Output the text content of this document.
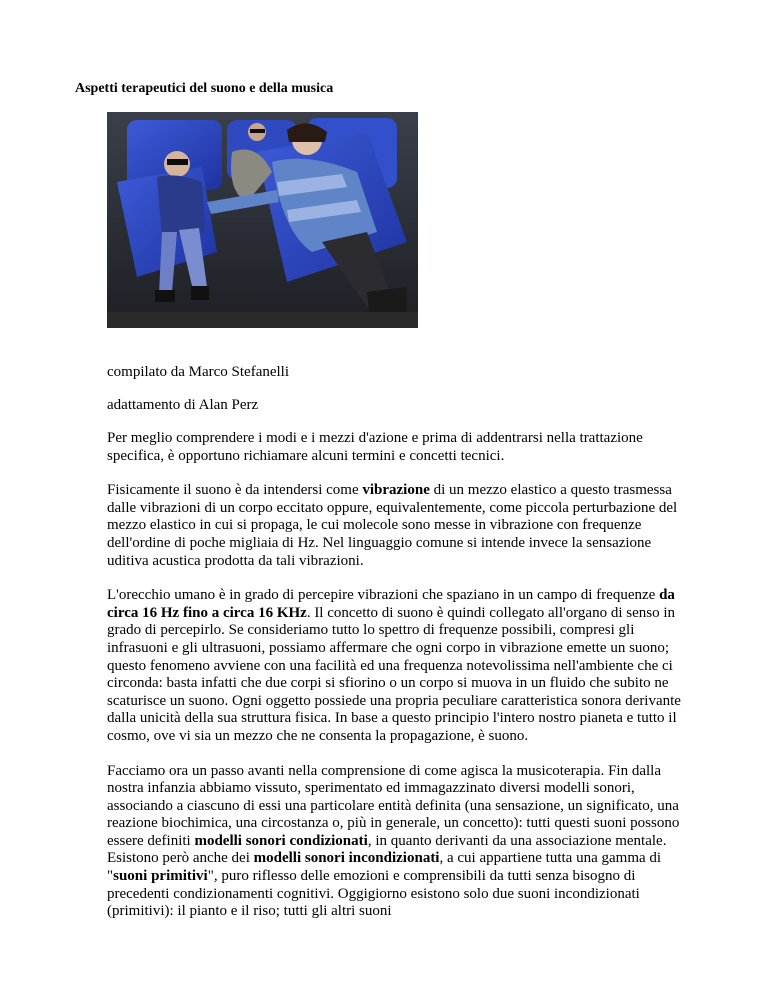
Aspetti terapeutici del suono e della musica

compilato da Marco Stefanelli

adattamento di Alan Perz

Per meglio comprendere i modi e i mezzi d'azione e prima di addentrarsi nella trattazione specifica, è opportuno richiamare alcuni termini e concetti tecnici.

Fisicamente il suono è da intendersi come vibrazione di un mezzo elastico a questo trasmessa dalle vibrazioni di un corpo eccitato oppure, equivalentemente, come piccola perturbazione del mezzo elastico in cui si propaga, le cui molecole sono messe in vibrazione con frequenze dell'ordine di poche migliaia di Hz. Nel linguaggio comune si intende invece la sensazione uditiva acustica prodotta da tali vibrazioni.

L'orecchio umano è in grado di percepire vibrazioni che spaziano in un campo di frequenze da circa 16 Hz fino a circa 16 KHz. Il concetto di suono è quindi collegato all'organo di senso in grado di percepirlo. Se consideriamo tutto lo spettro di frequenze possibili, compresi gli infrasuoni e gli ultrasuoni, possiamo affermare che ogni corpo in vibrazione emette un suono; questo fenomeno avviene con una facilità ed una frequenza notevolissima nell'ambiente che ci circonda: basta infatti che due corpi si sfiorino o un corpo si muova in un fluido che subito ne scaturisce un suono. Ogni oggetto possiede una propria peculiare caratteristica sonora derivante dalla unicità della sua struttura fisica. In base a questo principio l'intero nostro pianeta e tutto il cosmo, ove vi sia un mezzo che ne consenta la propagazione, è suono.

Facciamo ora un passo avanti nella comprensione di come agisca la musicoterapia. Fin dalla nostra infanzia abbiamo vissuto, sperimentato ed immagazzinato diversi modelli sonori, associando a ciascuno di essi una particolare entità definita (una sensazione, un significato, una reazione biochimica, una circostanza o, più in generale, un concetto): tutti questi suoni possono essere definiti modelli sonori condizionati, in quanto derivanti da una associazione mentale. Esistono però anche dei modelli sonori incondizionati, a cui appartiene tutta una gamma di "suoni primitivi", puro riflesso delle emozioni e comprensibili da tutti senza bisogno di precedenti condizionamenti cognitivi. Oggigiorno esistono solo due suoni incondizionati (primitivi): il pianto e il riso; tutti gli altri suoni
